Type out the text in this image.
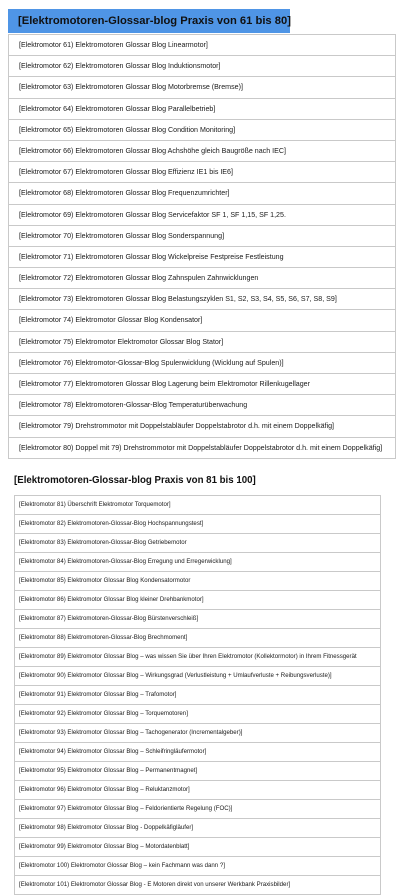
[Elektromotoren-Glossar-blog Praxis von 61 bis 80]
[Elektromotor 61) Elektromotoren Glossar Blog Linearmotor]
[Elektromotor 62) Elektromotoren Glossar Blog Induktionsmotor]
[Elektromotor 63) Elektromotoren Glossar Blog Motorbremse (Bremse)]
[Elektromotor 64) Elektromotoren Glossar Blog Parallelbetrieb]
[Elektromotor 65) Elektromotoren Glossar Blog Condition Monitoring]
[Elektromotor 66) Elektromotoren Glossar Blog Achshöhe gleich Baugröße nach IEC]
[Elektromotor 67) Elektromotoren Glossar Blog Effizienz IE1 bis IE6]
[Elektromotor 68) Elektromotoren Glossar Blog Frequenzumrichter]
[Elektromotor 69) Elektromotoren Glossar Blog Servicefaktor SF 1, SF 1,15, SF 1,25.
[Elektromotor 70) Elektromotoren Glossar Blog Sonderspannung]
[Elektromotor 71) Elektromotoren Glossar Blog Wickelpreise Festpreise Festleistung
[Elektromotor 72) Elektromotoren Glossar Blog Zahnspulen Zahnwicklungen
[Elektromotor 73) Elektromotoren Glossar Blog Belastungszyklen S1, S2, S3, S4, S5, S6, S7, S8, S9]
[Elektromotor 74) Elektromotor Glossar Blog Kondensator]
[Elektromotor 75) Elektromotor Elektromotor Glossar Blog Stator]
[Elektromotor 76) Elektromotor-Glossar-Blog Spulenwicklung (Wicklung auf Spulen)]
[Elektromotor 77) Elektromotoren Glossar Blog Lagerung beim Elektromotor Rillenkugellager
[Elektromotor 78) Elektromotoren-Glossar-Blog Temperaturüberwachung
[Elektromotor 79) Drehstrommotor mit Doppelstabläufer Doppelstabrotor d.h. mit einem Doppelkäfig]
[Elektromotor 80) Doppel mit 79) Drehstrommotor mit Doppelstabläufer Doppelstabrotor d.h. mit einem Doppelkäfig]
[Elektromotoren-Glossar-blog Praxis von 81 bis 100]
[Elektromotor 81) Überschrift Elektromotor Torquemotor]
[Elektromotor 82) Elektromotoren-Glossar-Blog Hochspannungstest]
[Elektromotor 83) Elektromotoren-Glossar-Blog Getriebemotor
[Elektromotor 84) Elektromotoren-Glossar-Blog Erregung und Erregerwicklung]
[Elektromotor 85) Elektromotor Glossar Blog Kondensatormotor
[Elektromotor 86) Elektromotor Glossar Blog kleiner Drehbankmotor]
[Elektromotor 87) Elektromotoren-Glossar-Blog Bürstenverschleiß]
[Elektromotor 88) Elektromotoren-Glossar-Blog Brechmoment]
[Elektromotor 89) Elektromotor Glossar Blog – was wissen Sie über Ihren Elektromotor (Kollektormotor) in Ihrem Fitnessgerät
[Elektromotor 90) Elektromotor Glossar Blog – Wirkungsgrad (Verlustleistung + Umlaufverluste + Reibungsverluste)]
[Elektromotor 91) Elektromotor Glossar Blog – Trafomotor]
[Elektromotor 92) Elektromotor Glossar Blog – Torquemotoren]
[Elektromotor 93) Elektromotor Glossar Blog – Tachogenerator (Incrementalgeber)]
[Elektromotor 94) Elektromotor Glossar Blog – Schleifringläufermotor]
[Elektromotor 95) Elektromotor Glossar Blog – Permanentmagnet]
[Elektromotor 96) Elektromotor Glossar Blog – Reluktanzmotor]
[Elektromotor 97) Elektromotor Glossar Blog – Feldorientierte Regelung (FOC)]
[Elektromotor 98) Elektromotor Glossar Blog - Doppelkäfigläufer]
[Elektromotor 99) Elektromotor Glossar Blog – Motordatenblatt]
[Elektromotor 100) Elektromotor Glossar Blog – kein Fachmann was dann ?]
[Elektromotor 101) Elektromotor Glossar Blog - E Motoren direkt von unserer Werkbank Praxisbilder]
